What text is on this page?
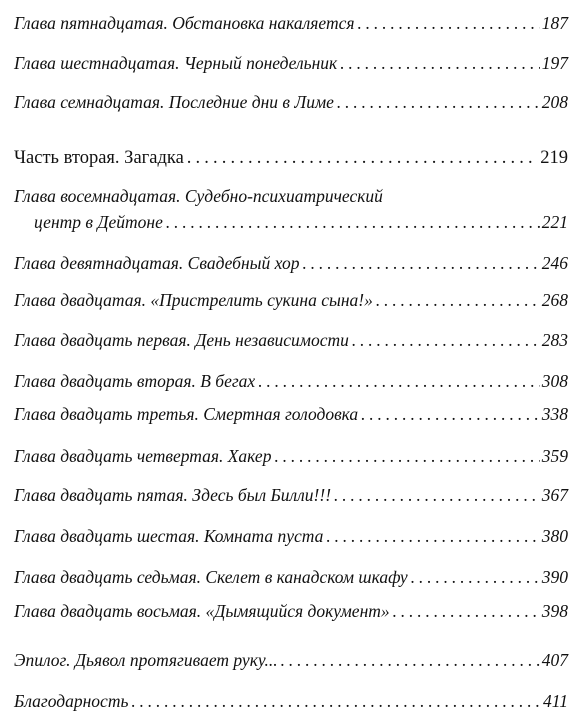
Глава пятнадцатая. Обстановка накаляется . . .	187
Глава шестнадцатая. Черный понедельник . . .	197
Глава семнадцатая. Последние дни в Лиме . . .	208
Часть вторая. Загадка . . .	219
Глава восемнадцатая. Судебно-психиатрический
центр в Дейтоне . . .	221
Глава девятнадцатая. Свадебный хор . . .	246
Глава двадцатая. «Пристрелить сукина сына!» . . .	268
Глава двадцать первая. День независимости . . .	283
Глава двадцать вторая. В бегах . . .	308
Глава двадцать третья. Смертная голодовка . . .	338
Глава двадцать четвертая. Хакер . . .	359
Глава двадцать пятая. Здесь был Билли!!! . . .	367
Глава двадцать шестая. Комната пуста . . .	380
Глава двадцать седьмая. Скелет в канадском шкафу . . .	390
Глава двадцать восьмая. «Дымящийся документ» . . .	398
Эпилог. Дьявол протягивает руку... . . .	407
Благодарность . . .	411
